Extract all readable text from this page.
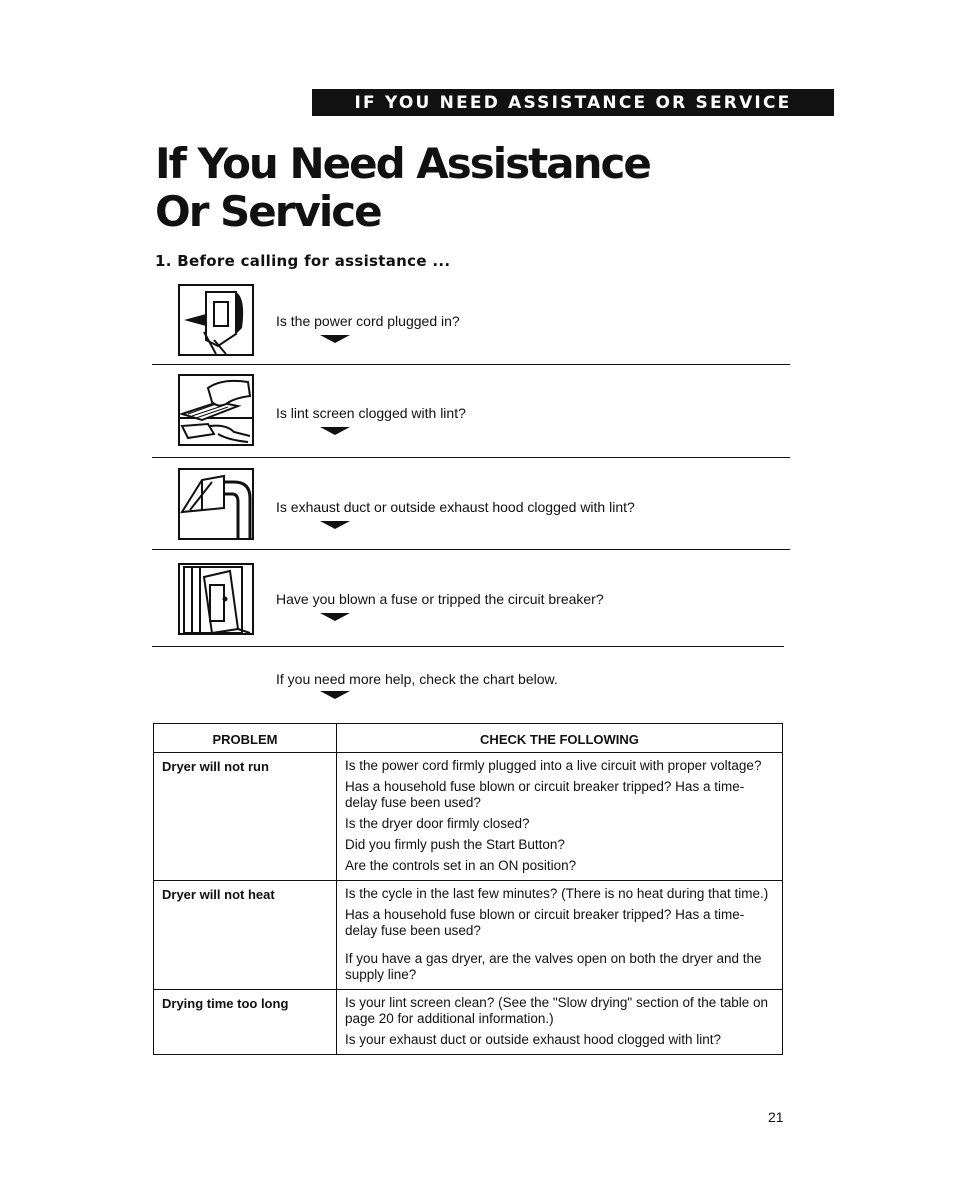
IF YOU NEED ASSISTANCE OR SERVICE
If You Need Assistance
Or Service
1. Before calling for assistance ...
Is the power cord plugged in?
Is lint screen clogged with lint?
Is exhaust duct or outside exhaust hood clogged with lint?
Have you blown a fuse or tripped the circuit breaker?
If you need more help, check the chart below.
PROBLEM	CHECK THE FOLLOWING
Dryer will not run	Is the power cord firmly plugged into a live circuit with proper voltage?
Has a household fuse blown or circuit breaker tripped? Has a time-delay fuse been used?
Is the dryer door firmly closed?
Did you firmly push the Start Button?
Are the controls set in an ON position?

Dryer will not heat	Is the cycle in the last few minutes? (There is no heat during that time.)
Has a household fuse blown or circuit breaker tripped? Has a time-delay fuse been used?
If you have a gas dryer, are the valves open on both the dryer and the supply line?

Drying time too long	Is your lint screen clean? (See the "Slow drying" section of the table on page 20 for additional information.)
Is your exhaust duct or outside exhaust hood clogged with lint?
21
